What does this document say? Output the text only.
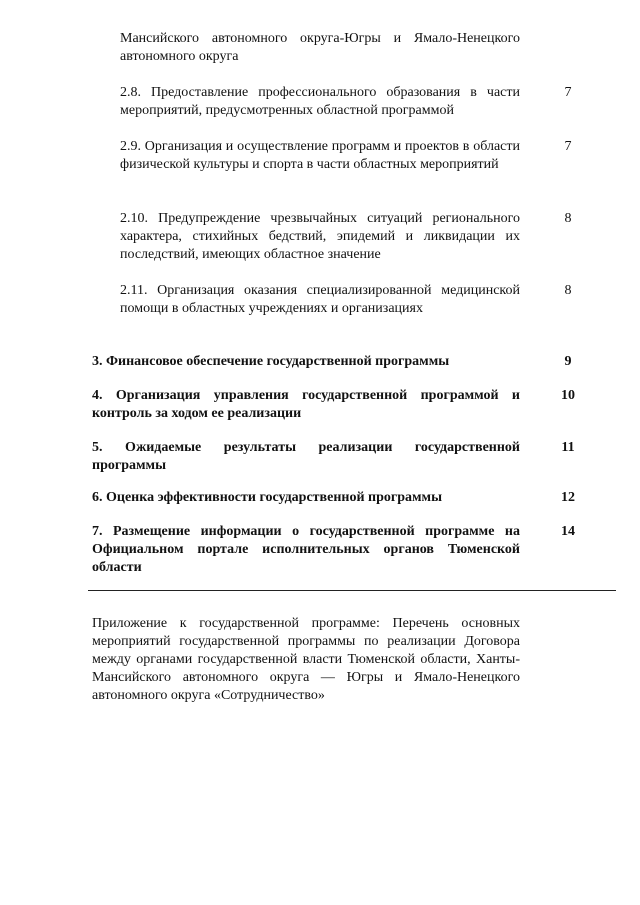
Мансийского автономного округа-Югры и Ямало-Ненецкого автономного округа
2.8. Предоставление профессионального образования в части мероприятий, предусмотренных областной программой
7
2.9. Организация и осуществление программ и проектов в области физической культуры и спорта в части областных мероприятий
7
2.10. Предупреждение чрезвычайных ситуаций регионального характера, стихийных бедствий, эпидемий и ликвидации их последствий, имеющих областное значение
8
2.11. Организация оказания специализированной медицинской помощи в областных учреждениях и организациях
8
3. Финансовое обеспечение государственной программы	9
4. Организация управления государственной программой и контроль за ходом ее реализации
10
5. Ожидаемые результаты реализации государственной программы
11
6. Оценка эффективности государственной программы	12
7. Размещение информации о государственной программе на Официальном портале исполнительных органов Тюменской области
14
Приложение к государственной программе: Перечень основных мероприятий государственной программы по реализации Договора между органами государственной власти Тюменской области, Ханты-Мансийского автономного округа — Югры и Ямало-Ненецкого автономного округа «Сотрудничество»
